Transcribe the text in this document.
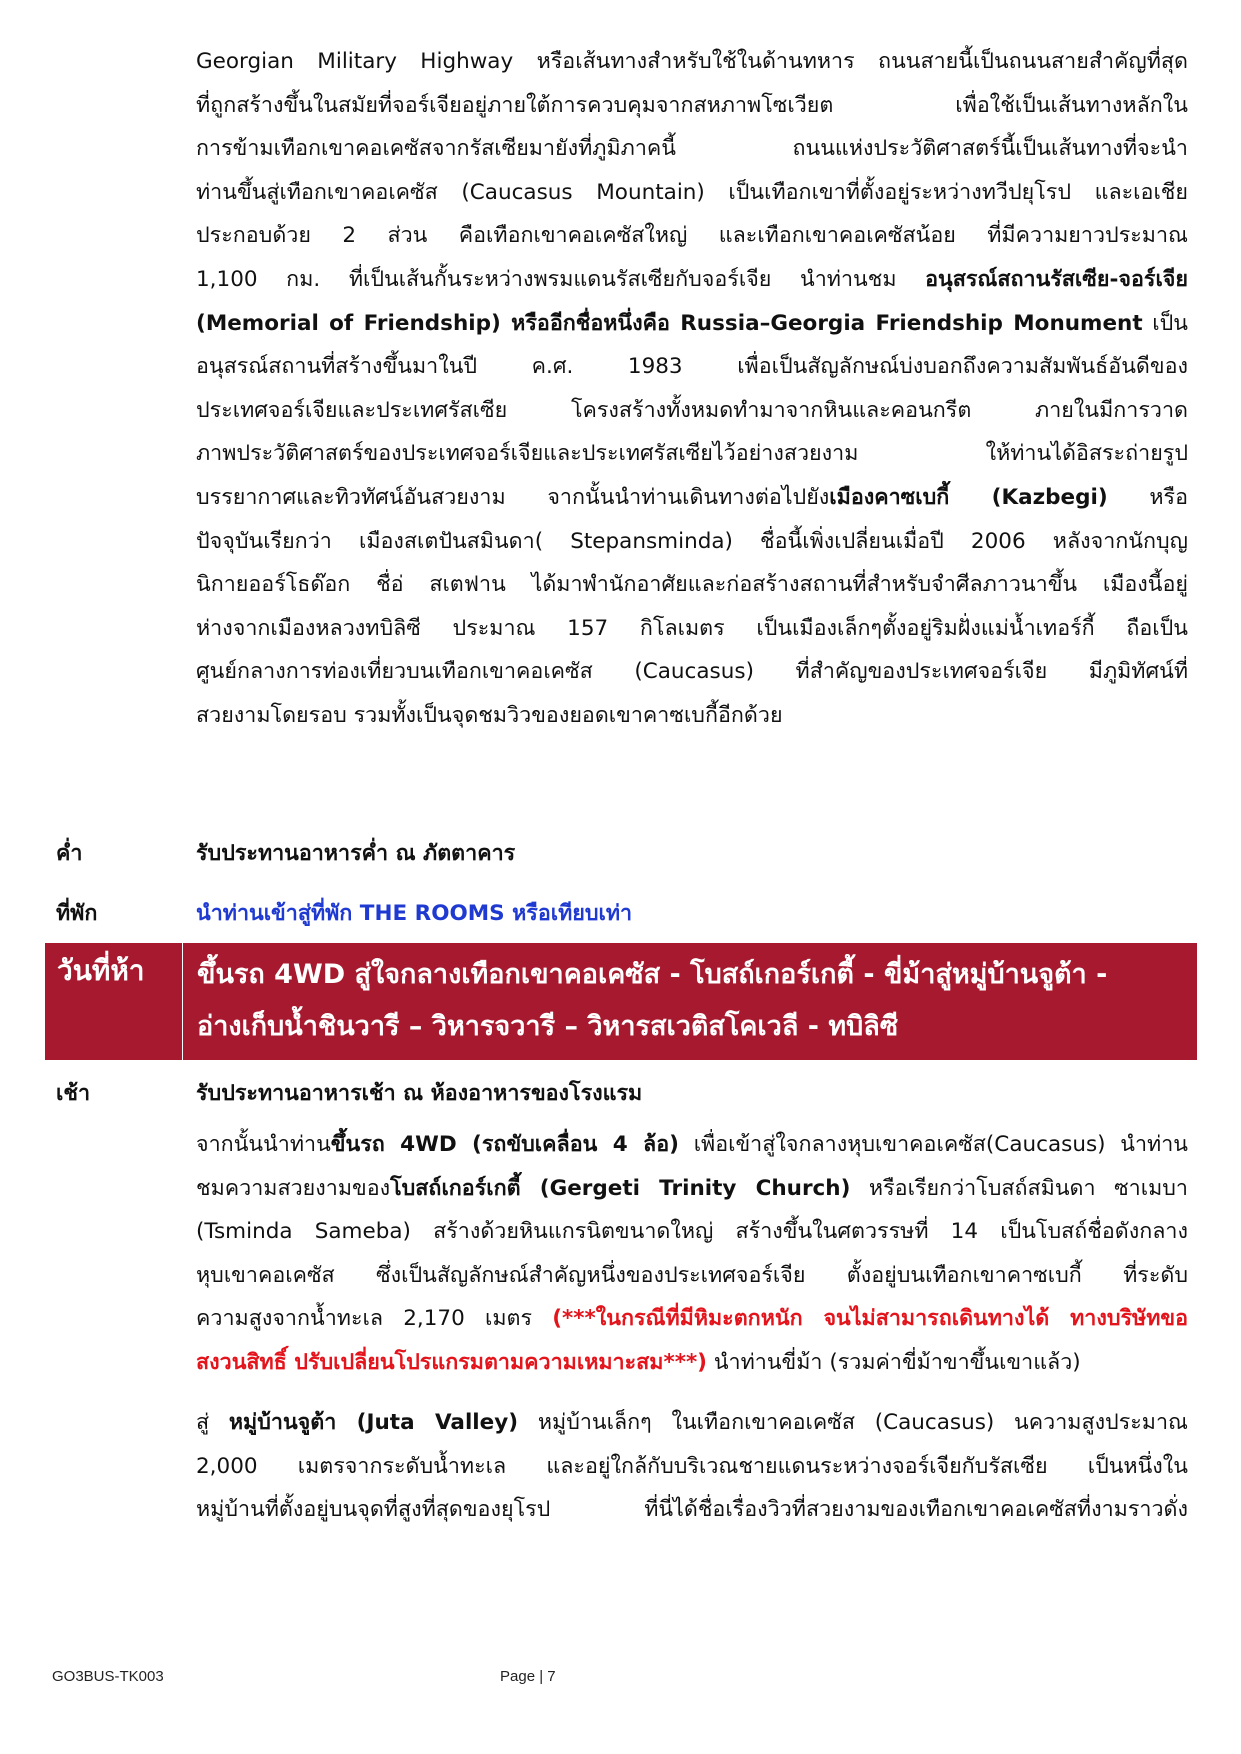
Georgian Military Highway หรือเส้นทางสำหรับใช้ในด้านทหาร ถนนสายนี้เป็นถนนสายสำคัญที่สุด
ที่ถูกสร้างขึ้นในสมัยที่จอร์เจียอยู่ภายใต้การควบคุมจากสหภาพโซเวียต เพื่อใช้เป็นเส้นทางหลักใน
การข้ามเทือกเขาคอเคซัสจากรัสเซียมายังที่ภูมิภาคนี้ ถนนแห่งประวัติศาสตร์นี้เป็นเส้นทางที่จะนำ
ท่านขึ้นสู่เทือกเขาคอเคซัส (Caucasus Mountain) เป็นเทือกเขาที่ตั้งอยู่ระหว่างทวีปยุโรป และเอเชีย
ประกอบด้วย 2 ส่วน คือเทือกเขาคอเคซัสใหญ่ และเทือกเขาคอเคซัสน้อย ที่มีความยาวประมาณ
1,100 กม. ที่เป็นเส้นกั้นระหว่างพรมแดนรัสเซียกับจอร์เจีย นำท่านชม อนุสรณ์สถานรัสเซีย-จอร์เจีย
(Memorial of Friendship) หรืออีกชื่อหนึ่งคือ Russia–Georgia Friendship Monument เป็น
อนุสรณ์สถานที่สร้างขึ้นมาในปี ค.ศ. 1983 เพื่อเป็นสัญลักษณ์บ่งบอกถึงความสัมพันธ์อันดีของ
ประเทศจอร์เจียและประเทศรัสเซีย โครงสร้างทั้งหมดทำมาจากหินและคอนกรีต ภายในมีการวาด
ภาพประวัติศาสตร์ของประเทศจอร์เจียและประเทศรัสเซียไว้อย่างสวยงาม ให้ท่านได้อิสระถ่ายรูป
บรรยากาศและทิวทัศน์อันสวยงาม จากนั้นนำท่านเดินทางต่อไปยังเมืองคาซเบกี้ (Kazbegi) หรือ
ปัจจุบันเรียกว่า เมืองสเตปันสมินดา( Stepansminda) ชื่อนี้เพิ่งเปลี่ยนเมื่อปี 2006 หลังจากนักบุญ
นิกายออร์โธด๊อก ชื่อ่ สเตฟาน ได้มาพำนักอาศัยและก่อสร้างสถานที่สำหรับจำศีลภาวนาขึ้น เมืองนี้อยู่
ห่างจากเมืองหลวงทบิลิซี ประมาณ 157 กิโลเมตร เป็นเมืองเล็กๆตั้งอยู่ริมฝั่งแม่น้ำเทอร์กี้ ถือเป็น
ศูนย์กลางการท่องเที่ยวบนเทือกเขาคอเคซัส (Caucasus) ที่สำคัญของประเทศจอร์เจีย มีภูมิทัศน์ที่
สวยงามโดยรอบ รวมทั้งเป็นจุดชมวิวของยอดเขาคาซเบกี้อีกด้วย
ค่ำ	รับประทานอาหารค่ำ ณ ภัตตาคาร
ที่พัก	นำท่านเข้าสู่ที่พัก THE ROOMS หรือเทียบเท่า
วันที่ห้า ขึ้นรถ 4WD สู่ใจกลางเทือกเขาคอเคซัส - โบสถ์เกอร์เกตี้ - ขี่ม้าสู่หมู่บ้านจูต้า -
อ่างเก็บน้ำชินวารี – วิหารจวารี – วิหารสเวติสโคเวลี - ทบิลิซี
เช้า	รับประทานอาหารเช้า ณ ห้องอาหารของโรงแรม
จากนั้นนำท่านขึ้นรถ 4WD (รถขับเคลื่อน 4 ล้อ) เพื่อเข้าสู่ใจกลางหุบเขาคอเคซัส(Caucasus) นำท่าน
ชมความสวยงามของโบสถ์เกอร์เกตี้ (Gergeti Trinity Church) หรือเรียกว่าโบสถ์สมินดา ซาเมบา
(Tsminda Sameba) สร้างด้วยหินแกรนิตขนาดใหญ่ สร้างขึ้นในศตวรรษที่ 14 เป็นโบสถ์ชื่อดังกลาง
หุบเขาคอเคซัส ซึ่งเป็นสัญลักษณ์สำคัญหนึ่งของประเทศจอร์เจีย ตั้งอยู่บนเทือกเขาคาซเบกี้ ที่ระดับ
ความสูงจากน้ำทะเล 2,170 เมตร (***ในกรณีที่มีหิมะตกหนัก จนไม่สามารถเดินทางได้ ทางบริษัทขอ
สงวนสิทธิ์ ปรับเปลี่ยนโปรแกรมตามความเหมาะสม***) นำท่านขี่ม้า (รวมค่าขี่ม้าขาขึ้นเขาแล้ว)
สู่ หมู่บ้านจูต้า (Juta Valley) หมู่บ้านเล็กๆ ในเทือกเขาคอเคซัส (Caucasus) นความสูงประมาณ
2,000 เมตรจากระดับน้ำทะเล และอยู่ใกล้กับบริเวณชายแดนระหว่างจอร์เจียกับรัสเซีย เป็นหนึ่งใน
หมู่บ้านที่ตั้งอยู่บนจุดที่สูงที่สุดของยุโรป ที่นี่ได้ชื่อเรื่องวิวที่สวยงามของเทือกเขาคอเคซัสที่งามราวดั่ง
GO3BUS-TK003	Page | 7
